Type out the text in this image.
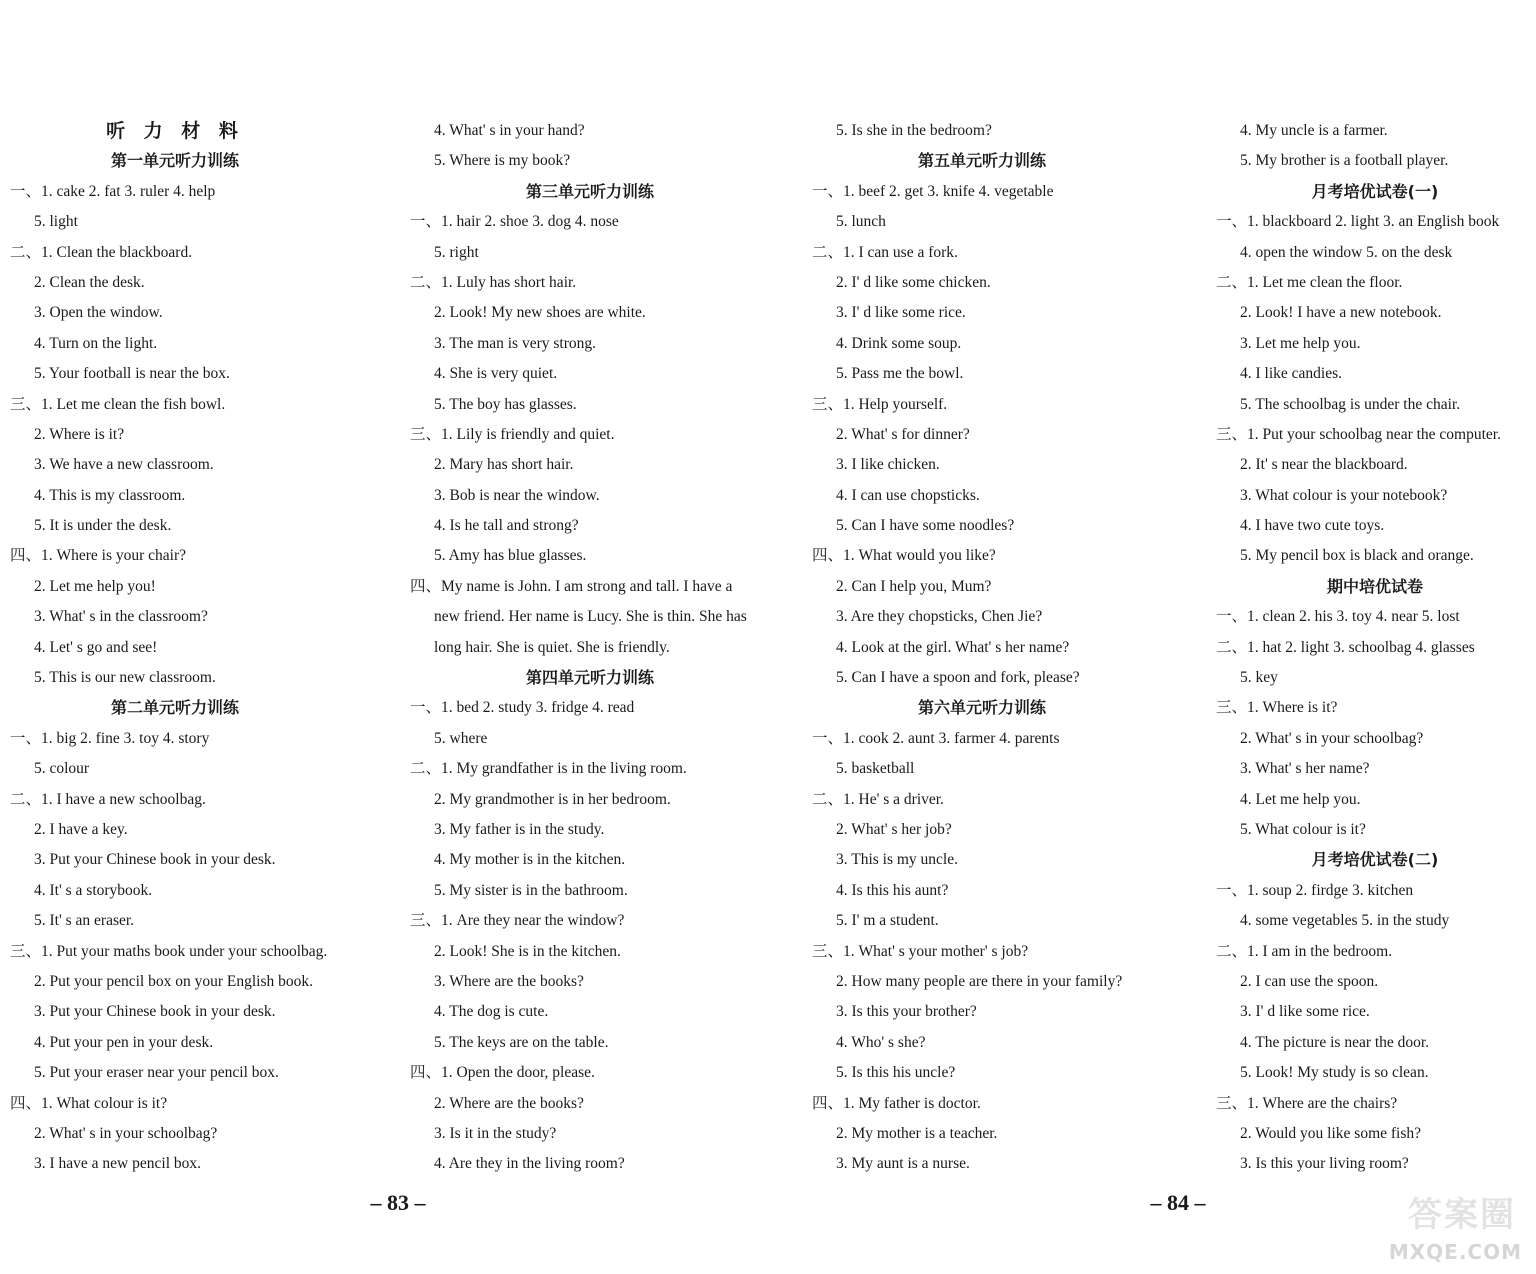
听 力 材 料
第一单元听力训练
一、1. cake 2. fat 3. ruler 4. help
5. light
二、1. Clean the blackboard.
2. Clean the desk.
3. Open the window.
4. Turn on the light.
5. Your football is near the box.
三、1. Let me clean the fish bowl.
2. Where is it?
3. We have a new classroom.
4. This is my classroom.
5. It is under the desk.
四、1. Where is your chair?
2. Let me help you!
3. What' s in the classroom?
4. Let' s go and see!
5. This is our new classroom.
第二单元听力训练
一、1. big 2. fine 3. toy 4. story
5. colour
二、1. I have a new schoolbag.
2. I have a key.
3. Put your Chinese book in your desk.
4. It' s a storybook.
5. It' s an eraser.
三、1. Put your maths book under your schoolbag.
2. Put your pencil box on your English book.
3. Put your Chinese book in your desk.
4. Put your pen in your desk.
5. Put your eraser near your pencil box.
四、1. What colour is it?
2. What' s in your schoolbag?
3. I have a new pencil box.
4. What' s in your hand?
5. Where is my book?
第三单元听力训练
一、1. hair 2. shoe 3. dog 4. nose
5. right
二、1. Luly has short hair.
2. Look! My new shoes are white.
3. The man is very strong.
4. She is very quiet.
5. The boy has glasses.
三、1. Lily is friendly and quiet.
2. Mary has short hair.
3. Bob is near the window.
4. Is he tall and strong?
5. Amy has blue glasses.
四、My name is John. I am strong and tall. I have a
new friend. Her name is Lucy. She is thin. She has
long hair. She is quiet. She is friendly.
第四单元听力训练
一、1. bed 2. study 3. fridge 4. read
5. where
二、1. My grandfather is in the living room.
2. My grandmother is in her bedroom.
3. My father is in the study.
4. My mother is in the kitchen.
5. My sister is in the bathroom.
三、1. Are they near the window?
2. Look! She is in the kitchen.
3. Where are the books?
4. The dog is cute.
5. The keys are on the table.
四、1. Open the door, please.
2. Where are the books?
3. Is it in the study?
4. Are they in the living room?
5. Is she in the bedroom?
第五单元听力训练
一、1. beef 2. get 3. knife 4. vegetable
5. lunch
二、1. I can use a fork.
2. I' d like some chicken.
3. I' d like some rice.
4. Drink some soup.
5. Pass me the bowl.
三、1. Help yourself.
2. What' s for dinner?
3. I like chicken.
4. I can use chopsticks.
5. Can I have some noodles?
四、1. What would you like?
2. Can I help you, Mum?
3. Are they chopsticks, Chen Jie?
4. Look at the girl. What' s her name?
5. Can I have a spoon and fork, please?
第六单元听力训练
一、1. cook 2. aunt 3. farmer 4. parents
5. basketball
二、1. He' s a driver.
2. What' s her job?
3. This is my uncle.
4. Is this his aunt?
5. I' m a student.
三、1. What' s your mother' s job?
2. How many people are there in your family?
3. Is this your brother?
4. Who' s she?
5. Is this his uncle?
四、1. My father is doctor.
2. My mother is a teacher.
3. My aunt is a nurse.
4. My uncle is a farmer.
5. My brother is a football player.
月考培优试卷(一)
一、1. blackboard 2. light 3. an English book
4. open the window 5. on the desk
二、1. Let me clean the floor.
2. Look! I have a new notebook.
3. Let me help you.
4. I like candies.
5. The schoolbag is under the chair.
三、1. Put your schoolbag near the computer.
2. It' s near the blackboard.
3. What colour is your notebook?
4. I have two cute toys.
5. My pencil box is black and orange.
期中培优试卷
一、1. clean 2. his 3. toy 4. near 5. lost
二、1. hat 2. light 3. schoolbag 4. glasses
5. key
三、1. Where is it?
2. What' s in your schoolbag?
3. What' s her name?
4. Let me help you.
5. What colour is it?
月考培优试卷(二)
一、1. soup 2. firdge 3. kitchen
4. some vegetables 5. in the study
二、1. I am in the bedroom.
2. I can use the spoon.
3. I' d like some rice.
4. The picture is near the door.
5. Look! My study is so clean.
三、1. Where are the chairs?
2. Would you like some fish?
3. Is this your living room?
– 83 –	– 84 –	答案圈
MXQE.COM
